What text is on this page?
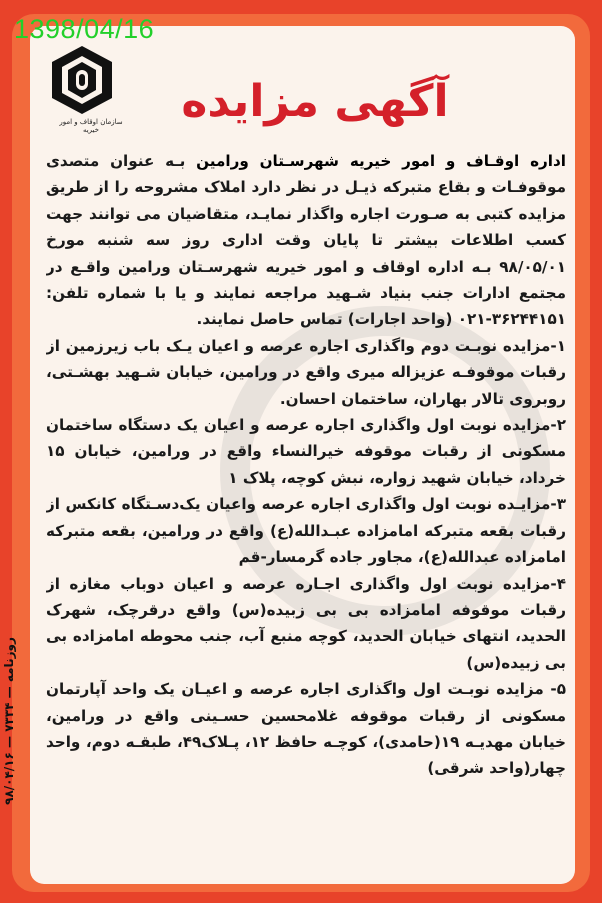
1398/04/16
سازمان اوقاف و امور خیریه
آگهی مزایده

اداره اوقـاف و امور خیریه شهرسـتان ورامین بـه عنوان متصدی موقوفـات و بقاع متبرکه ذیـل در نظر دارد املاک مشروحه را از طریق مزایده کتبی به صـورت اجاره واگذار نمایـد، متقاضیان می توانند جهت کسب اطلاعات بیشتر تا پایان وقت اداری روز سه شنبه مورخ ۹۸/۰۵/۰۱ بـه اداره اوقاف و امور خیریه شهرسـتان ورامین واقـع در مجتمع ادارات جنب بنیاد شـهید مراجعه نمایند و یا با شماره تلفن: ۳۶۲۴۴۱۵۱-۰۲۱ (واحد اجارات) تماس حاصل نمایند.

۱-مزایده نوبـت دوم واگذاری اجاره عرصه و اعیان یـک باب زیرزمین از رقبات موقوفـه عزیزاله میری واقع در ورامین، خیابان شـهید بهشـتی، روبروی تالار بهاران، ساختمان احسان.

۲-مزایده نوبت اول واگذاری اجاره عرصه و اعیان یک دستگاه ساختمان مسکونی از رقبات موقوفه خیرالنساء واقع در ورامین، خیابان ۱۵ خرداد، خیابان شهید زواره، نبش کوچه، پلاک ۱

۳-مزایـده نوبت اول واگذاری اجاره عرصه واعیان یک‌دسـتگاه کانکس از رقبات بقعه متبرکه امامزاده عبـدالله(ع) واقع در ورامین، بقعه متبرکه امامزاده عبدالله(ع)، مجاور جاده گرمسار-قم

۴-مزایده نوبت اول واگذاری اجـاره عرصه و اعیان دوباب مغازه از رقبات موقوفه امامزاده بی بی زبیده(س) واقع درقرچک، شهرک الحدید، انتهای خیابان الحدید، کوچه منبع آب، جنب محوطه امامزاده بی بی زبیده(س)

۵- مزایده نوبـت اول واگذاری اجاره عرصه و اعیـان یک واحد آپارتمان مسکونی از رقبات موقوفه غلامحسین حسـینی واقع در ورامین، خیابان مهدیـه ۱۹(حامدی)، کوچـه حافظ ۱۲، پـلاک۴۹، طبقـه دوم، واحد چهار(واحد شرقی)

روزنامه — ۷۳۳۴ — ۹۸/۰۴/۱۶
